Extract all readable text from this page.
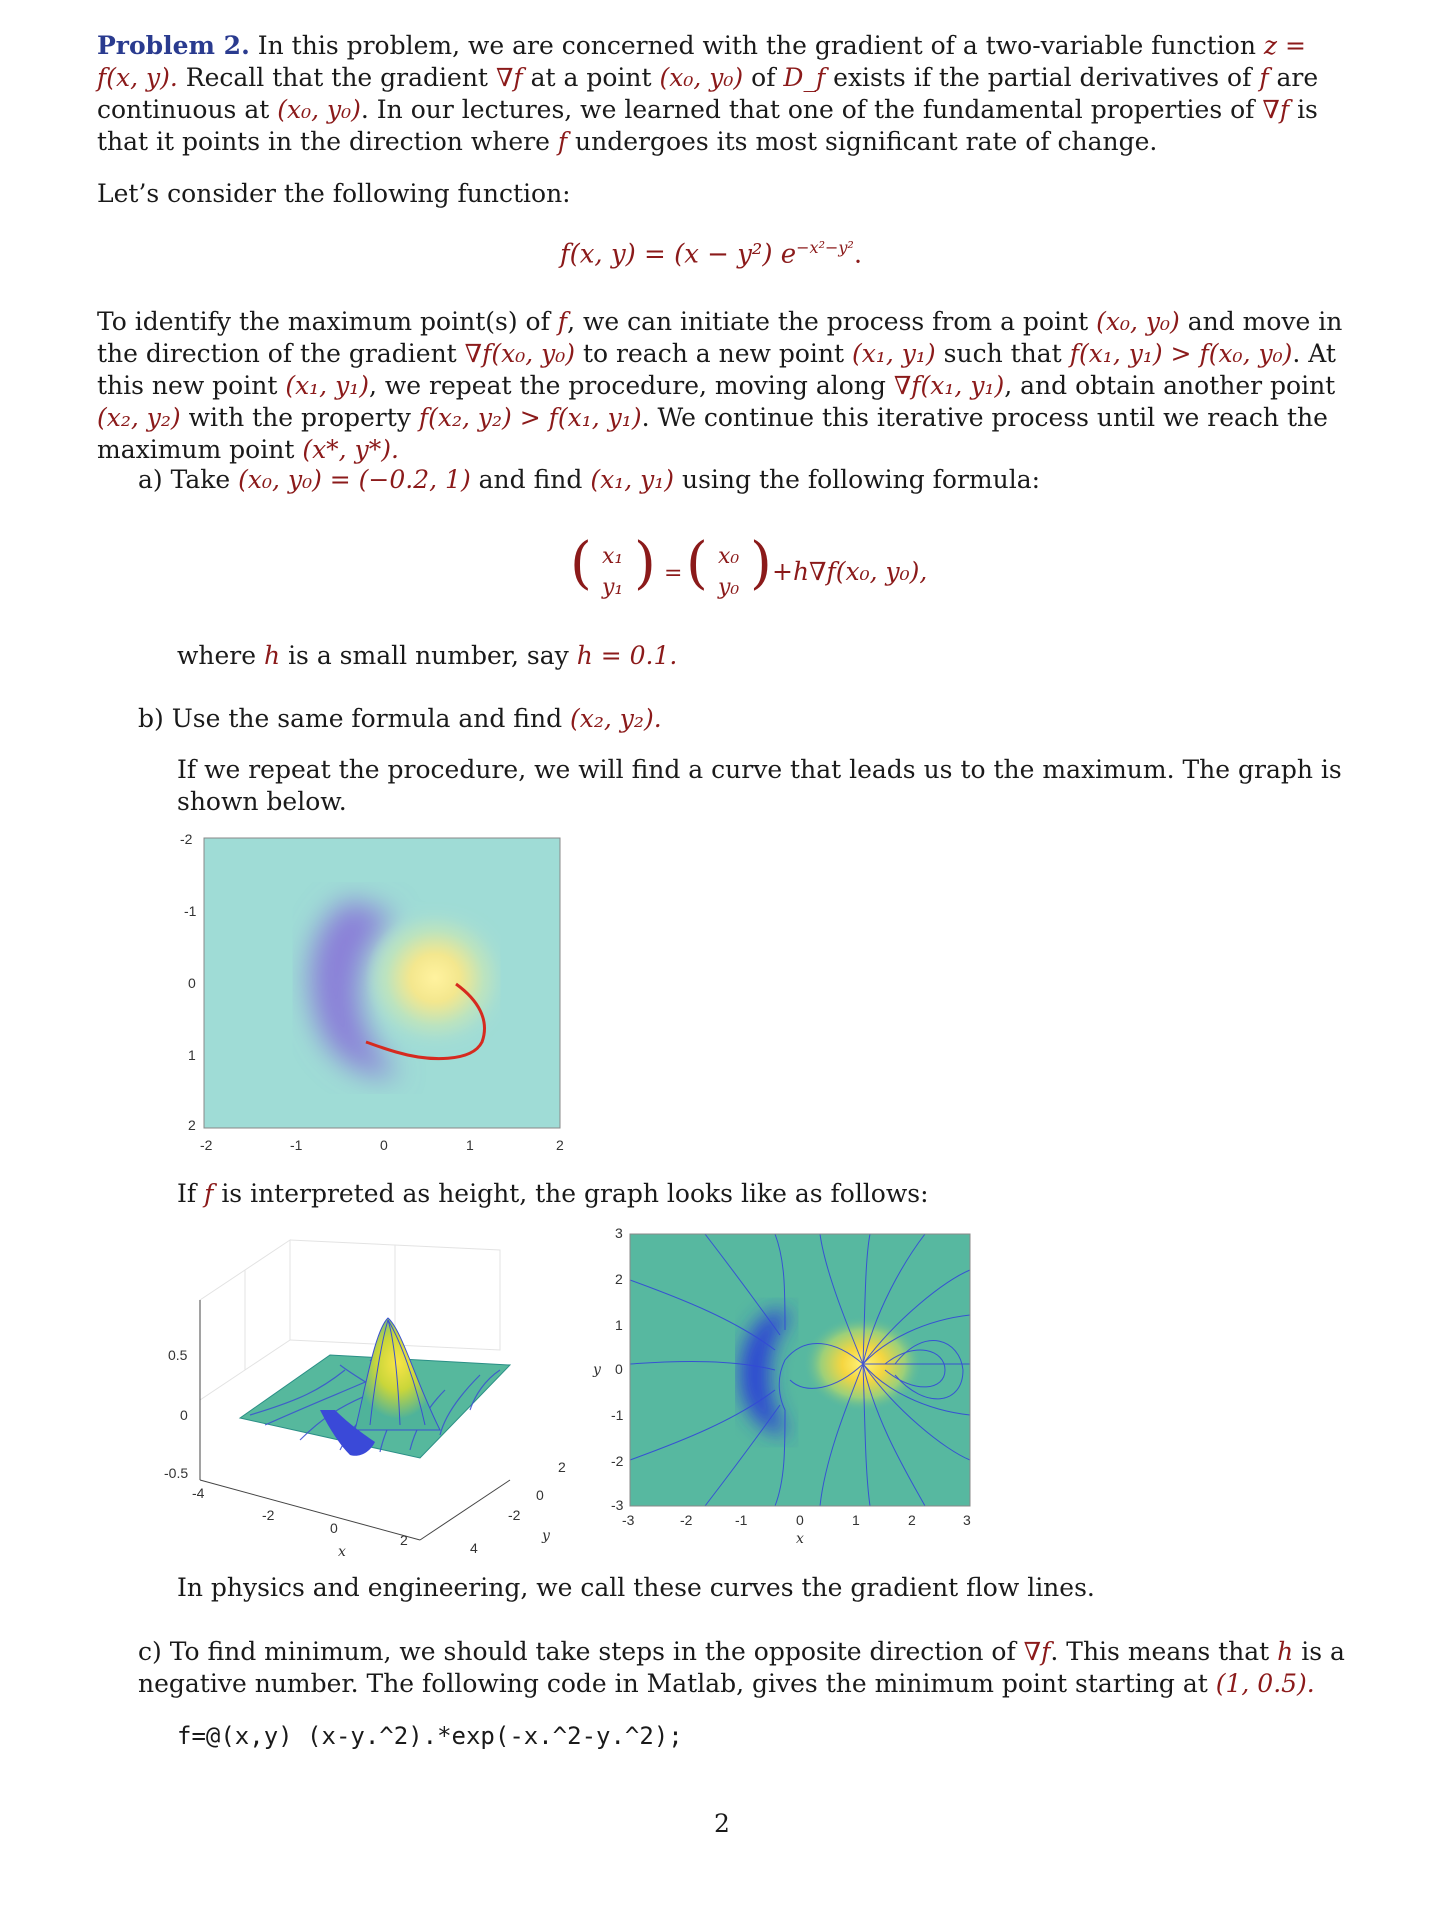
Problem 2. In this problem, we are concerned with the gradient of a two-variable function z = f(x, y). Recall that the gradient ∇f at a point (x₀, y₀) of D_f exists if the partial derivatives of f are continuous at (x₀, y₀). In our lectures, we learned that one of the fundamental properties of ∇f is that it points in the direction where f undergoes its most significant rate of change.
Let’s consider the following function:
f(x, y) = (x − y²) $e^{-x^2-y^2}$.
To identify the maximum point(s) of f, we can initiate the process from a point (x₀, y₀) and move in the direction of the gradient ∇f(x₀, y₀) to reach a new point (x₁, y₁) such that f(x₁, y₁) > f(x₀, y₀). At this new point (x₁, y₁), we repeat the procedure, moving along ∇f(x₁, y₁), and obtain another point (x₂, y₂) with the property f(x₂, y₂) > f(x₁, y₁). We continue this iterative process until we reach the maximum point (x*, y*).
a) Take (x₀, y₀) = (−0.2, 1) and find (x₁, y₁) using the following formula:
( x₁
y₁ ) = ( x₀
y₀ ) +h∇f(x₀, y₀),
where h is a small number, say h = 0.1.
b) Use the same formula and find (x₂, y₂).
If we repeat the procedure, we will find a curve that leads us to the maximum. The graph is shown below.
-2
-1
0
1
2
-2	-1	0	1	2
If f is interpreted as height, the graph looks like as follows:
0.5
0
-0.5
-4
-2
0
2	4
-2
0
2
x
y
3
2
1
0
-1
-2
-3
y
-3	-2	-1	0	1	2	3
x
In physics and engineering, we call these curves the gradient flow lines.
c) To find minimum, we should take steps in the opposite direction of ∇f. This means that h is a negative number. The following code in Matlab, gives the minimum point starting at (1, 0.5).
f=@(x,y) (x-y.^2).*exp(-x.^2-y.^2);
2
